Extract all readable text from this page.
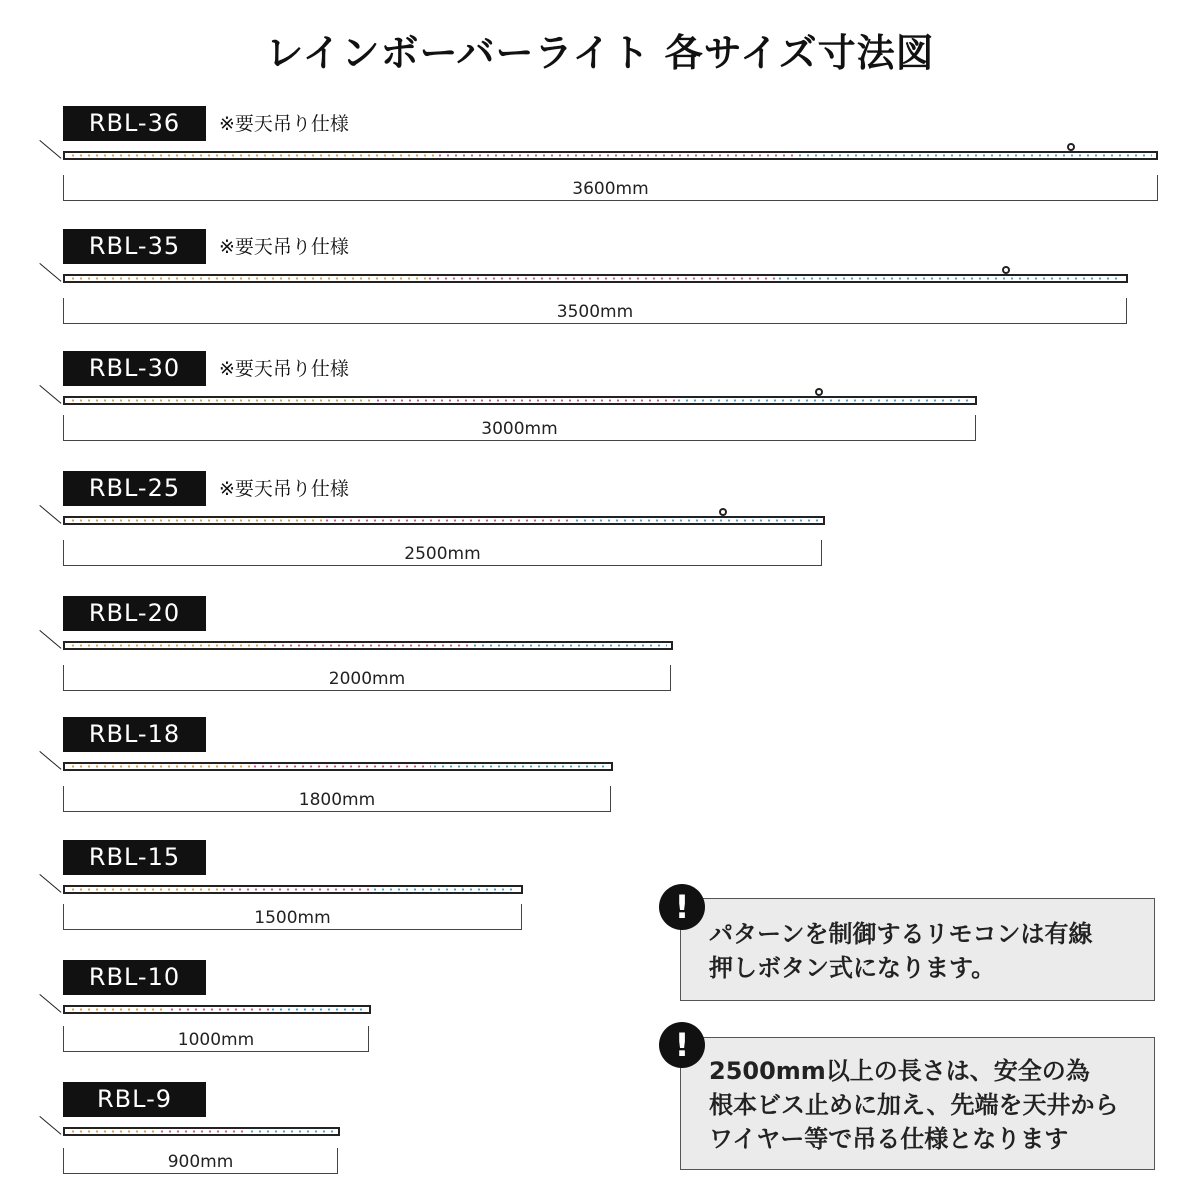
レインボーバーライト 各サイズ寸法図
RBL-36	※要天吊り仕様
3600mm
RBL-35	※要天吊り仕様
3500mm
RBL-30	※要天吊り仕様
3000mm
RBL-25	※要天吊り仕様
2500mm
RBL-20
2000mm
RBL-18
1800mm
RBL-15
1500mm
RBL-10
1000mm
RBL-9
900mm
パターンを制御するリモコンは有線
押しボタン式になります。
!
2500mm以上の長さは、安全の為
根本ビス止めに加え、先端を天井から
ワイヤー等で吊る仕様となります
!
